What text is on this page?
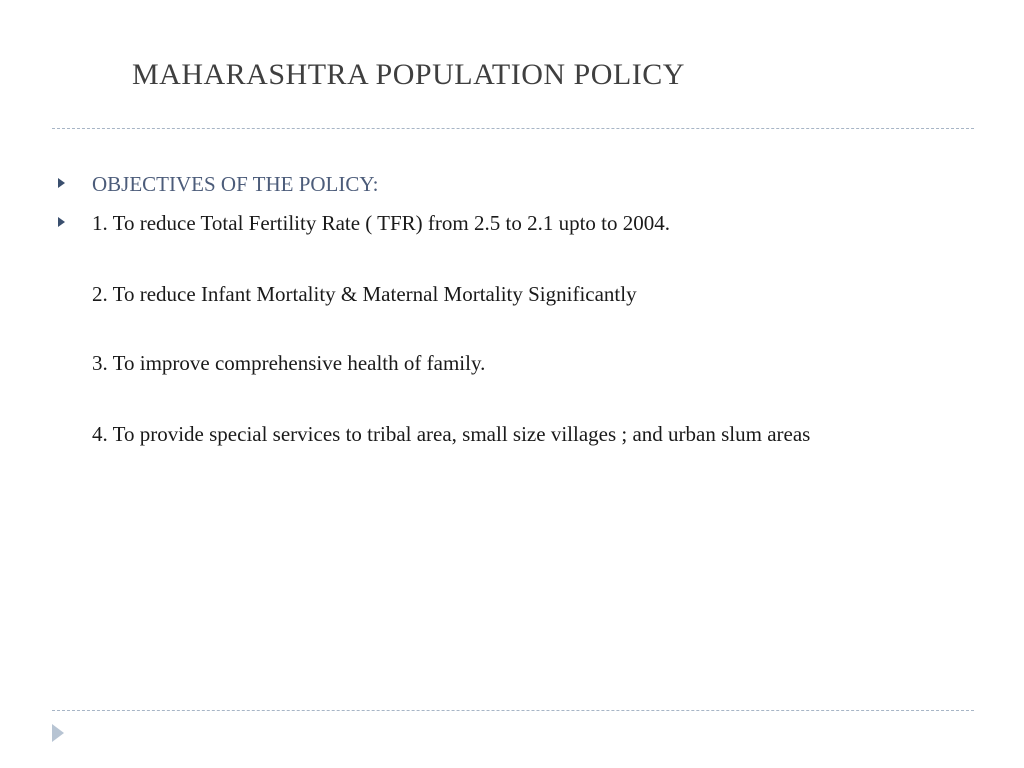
MAHARASHTRA POPULATION POLICY
OBJECTIVES OF THE POLICY:
1. To reduce Total Fertility Rate ( TFR) from 2.5 to 2.1 upto to 2004.
2. To reduce Infant Mortality & Maternal Mortality Significantly
3. To improve comprehensive health of family.
4. To provide special services to tribal area, small size villages ; and urban slum areas
